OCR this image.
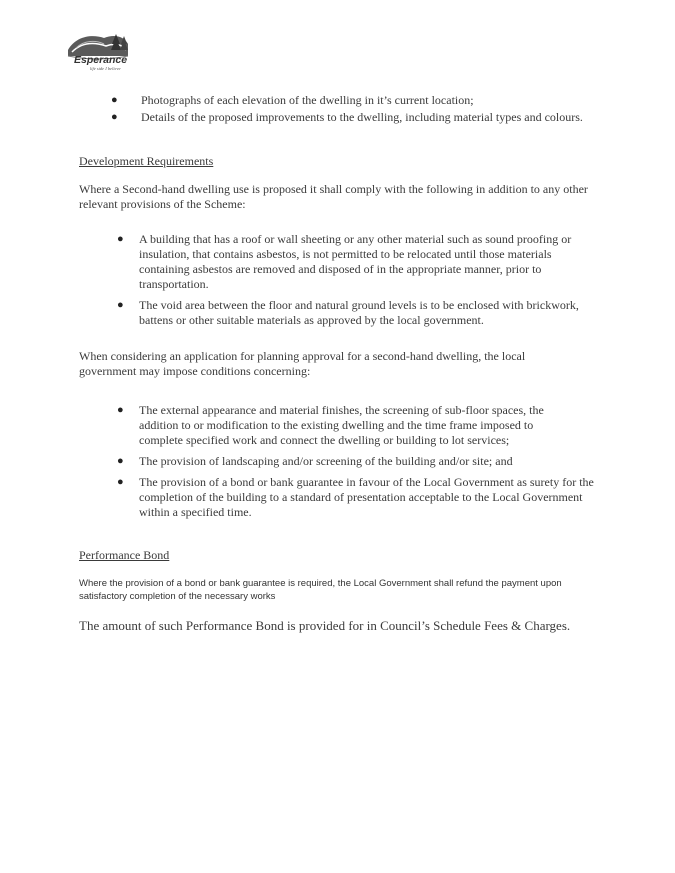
Esperance
life side I believe
● Photographs of each elevation of the dwelling in it’s current location;
● Details of the proposed improvements to the dwelling, including material types and colours.
Development Requirements
Where a Second-hand dwelling use is proposed it shall comply with the following in addition to any other relevant provisions of the Scheme:
● A building that has a roof or wall sheeting or any other material such as sound proofing or insulation, that contains asbestos, is not permitted to be relocated until those materials containing asbestos are removed and disposed of in the appropriate manner, prior to transportation.
● The void area between the floor and natural ground levels is to be enclosed with brickwork, battens or other suitable materials as approved by the local government.
When considering an application for planning approval for a second-hand dwelling, the local government may impose conditions concerning:
● The external appearance and material finishes, the screening of sub-floor spaces, the addition to or modification to the existing dwelling and the time frame imposed to complete specified work and connect the dwelling or building to lot services;
● The provision of landscaping and/or screening of the building and/or site; and
● The provision of a bond or bank guarantee in favour of the Local Government as surety for the completion of the building to a standard of presentation acceptable to the Local Government within a specified time.
Performance Bond
Where the provision of a bond or bank guarantee is required, the Local Government shall refund the payment upon satisfactory completion of the necessary works
The amount of such Performance Bond is provided for in Council’s Schedule Fees & Charges.
